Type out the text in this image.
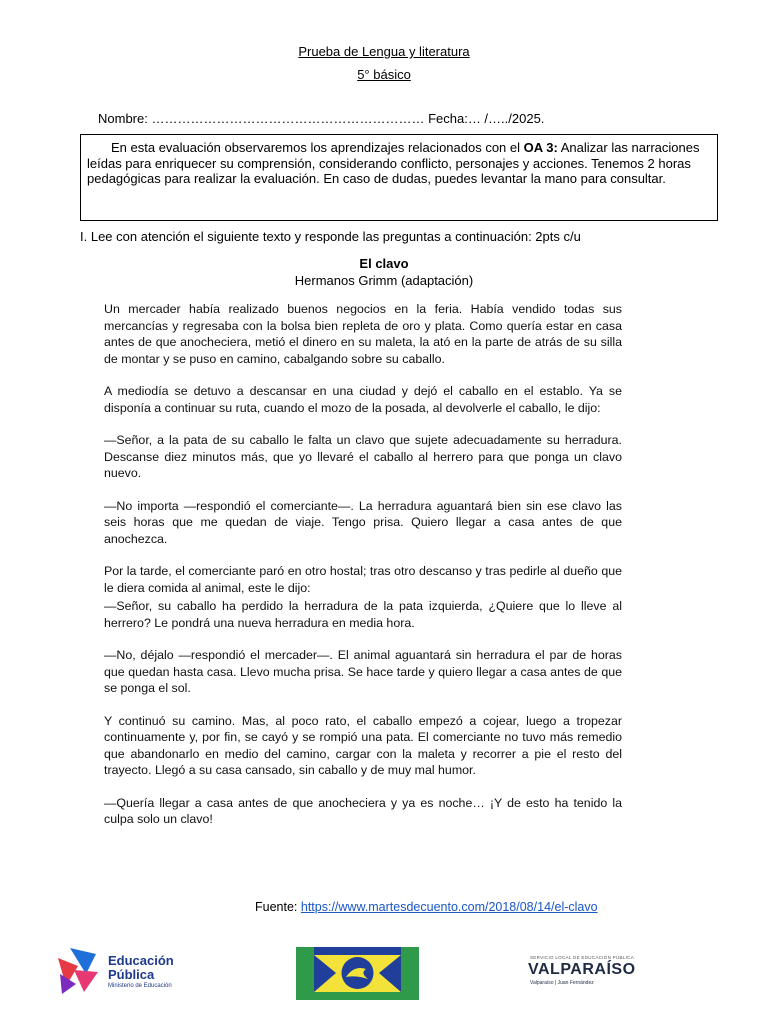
Prueba de Lengua y literatura
5° básico
Nombre: ……………………………………………………… Fecha:… /…../2025.
En esta evaluación observaremos los aprendizajes relacionados con el OA 3: Analizar las narraciones leídas para enriquecer su comprensión, considerando conflicto, personajes y acciones. Tenemos 2 horas pedagógicas para realizar la evaluación. En caso de dudas, puedes levantar la mano para consultar.
I. Lee con atención el siguiente texto y responde las preguntas a continuación: 2pts c/u
El clavo
Hermanos Grimm (adaptación)

Un mercader había realizado buenos negocios en la feria. Había vendido todas sus mercancías y regresaba con la bolsa bien repleta de oro y plata. Como quería estar en casa antes de que anocheciera, metió el dinero en su maleta, la ató en la parte de atrás de su silla de montar y se puso en camino, cabalgando sobre su caballo.

A mediodía se detuvo a descansar en una ciudad y dejó el caballo en el establo. Ya se disponía a continuar su ruta, cuando el mozo de la posada, al devolverle el caballo, le dijo:

—Señor, a la pata de su caballo le falta un clavo que sujete adecuadamente su herradura. Descanse diez minutos más, que yo llevaré el caballo al herrero para que ponga un clavo nuevo.

—No importa —respondió el comerciante—. La herradura aguantará bien sin ese clavo las seis horas que me quedan de viaje. Tengo prisa. Quiero llegar a casa antes de que anochezca.

Por la tarde, el comerciante paró en otro hostal; tras otro descanso y tras pedirle al dueño que le diera comida al animal, este le dijo:

—Señor, su caballo ha perdido la herradura de la pata izquierda, ¿Quiere que lo lleve al herrero? Le pondrá una nueva herradura en media hora.

—No, déjalo —respondió el mercader—. El animal aguantará sin herradura el par de horas que quedan hasta casa. Llevo mucha prisa. Se hace tarde y quiero llegar a casa antes de que se ponga el sol.

Y continuó su camino. Mas, al poco rato, el caballo empezó a cojear, luego a tropezar continuamente y, por fin, se cayó y se rompió una pata. El comerciante no tuvo más remedio que abandonarlo en medio del camino, cargar con la maleta y recorrer a pie el resto del trayecto. Llegó a su casa cansado, sin caballo y de muy mal humor.

—Quería llegar a casa antes de que anocheciera y ya es noche… ¡Y de esto ha tenido la culpa solo un clavo!

Fuente: https://www.martesdecuento.com/2018/08/14/el-clavo
Educación
Pública
Ministerio de Educación
SERVICIO LOCAL DE EDUCACIÓN PÚBLICA
VALPARAÍSO
Valparaíso | Juan Fernández
